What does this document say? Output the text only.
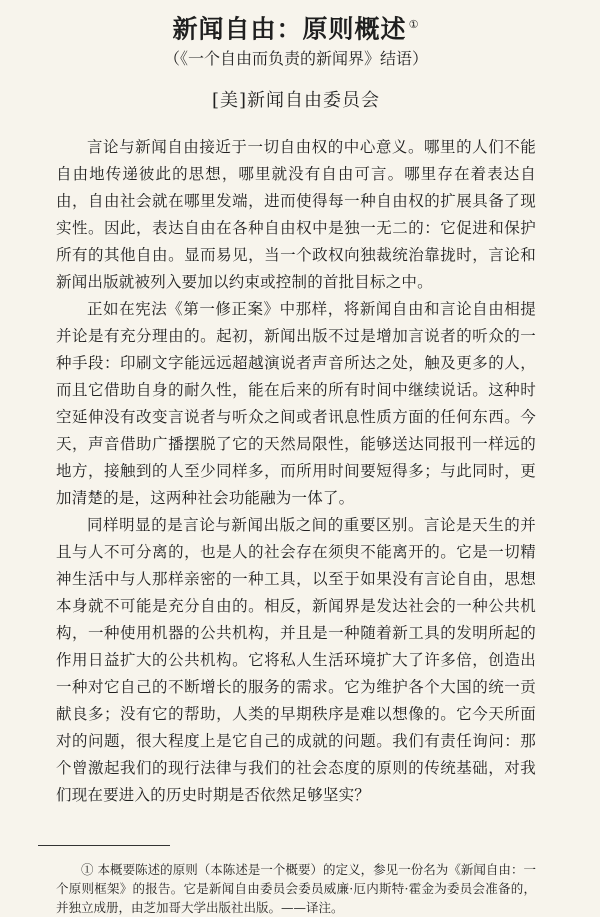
新闻自由：原则概述 ①
（《一个自由而负责的新闻界》结语）
[美]新闻自由委员会

言论与新闻自由接近于一切自由权的中心意义。哪里的人们不能自由地传递彼此的思想，哪里就没有自由可言。哪里存在着表达自由，自由社会就在哪里发端，进而使得每一种自由权的扩展具备了现实性。因此，表达自由在各种自由权中是独一无二的：它促进和保护所有的其他自由。显而易见，当一个政权向独裁统治靠拢时，言论和新闻出版就被列入要加以约束或控制的首批目标之中。

正如在宪法《第一修正案》中那样，将新闻自由和言论自由相提并论是有充分理由的。起初，新闻出版不过是增加言说者的听众的一种手段：印刷文字能远远超越演说者声音所达之处，触及更多的人，而且它借助自身的耐久性，能在后来的所有时间中继续说话。这种时空延伸没有改变言说者与听众之间或者讯息性质方面的任何东西。今天，声音借助广播摆脱了它的天然局限性，能够送达同报刊一样远的地方，接触到的人至少同样多，而所用时间要短得多；与此同时，更加清楚的是，这两种社会功能融为一体了。

同样明显的是言论与新闻出版之间的重要区别。言论是天生的并且与人不可分离的，也是人的社会存在须臾不能离开的。它是一切精神生活中与人那样亲密的一种工具，以至于如果没有言论自由，思想本身就不可能是充分自由的。相反，新闻界是发达社会的一种公共机构，一种使用机器的公共机构，并且是一种随着新工具的发明所起的作用日益扩大的公共机构。它将私人生活环境扩大了许多倍，创造出一种对它自己的不断增长的服务的需求。它为维护各个大国的统一贡献良多；没有它的帮助，人类的早期秩序是难以想像的。它今天所面对的问题，很大程度上是它自己的成就的问题。我们有责任询问：那个曾激起我们的现行法律与我们的社会态度的原则的传统基础，对我们现在要进入的历史时期是否依然足够坚实？

① 本概要陈述的原则（本陈述是一个概要）的定义，参见一份名为《新闻自由：一个原则框架》的报告。它是新闻自由委员会委员威廉·厄内斯特·霍金为委员会准备的，并独立成册，由芝加哥大学出版社出版。——译注。
